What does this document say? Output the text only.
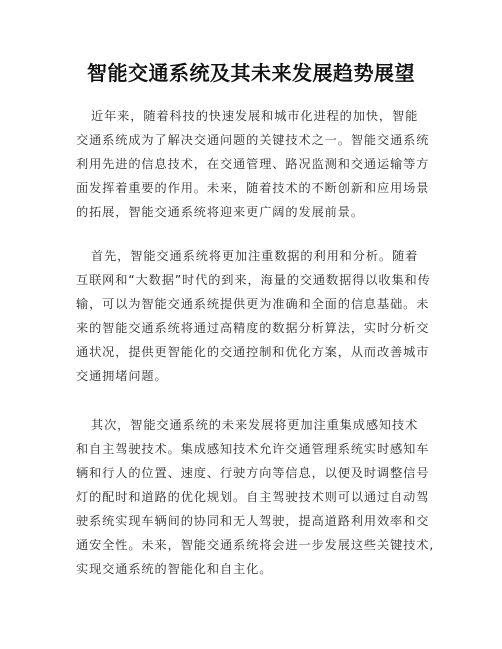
智能交通系统及其未来发展趋势展望

近年来，随着科技的快速发展和城市化进程的加快，智能
交通系统成为了解决交通问题的关键技术之一。智能交通系统
利用先进的信息技术，在交通管理、路况监测和交通运输等方
面发挥着重要的作用。未来，随着技术的不断创新和应用场景
的拓展，智能交通系统将迎来更广阔的发展前景。

首先，智能交通系统将更加注重数据的利用和分析。随着
互联网和“大数据”时代的到来，海量的交通数据得以收集和传
输，可以为智能交通系统提供更为准确和全面的信息基础。未
来的智能交通系统将通过高精度的数据分析算法，实时分析交
通状况，提供更智能化的交通控制和优化方案，从而改善城市
交通拥堵问题。

其次，智能交通系统的未来发展将更加注重集成感知技术
和自主驾驶技术。集成感知技术允许交通管理系统实时感知车
辆和行人的位置、速度、行驶方向等信息，以便及时调整信号
灯的配时和道路的优化规划。自主驾驶技术则可以通过自动驾
驶系统实现车辆间的协同和无人驾驶，提高道路利用效率和交
通安全性。未来，智能交通系统将会进一步发展这些关键技术,
实现交通系统的智能化和自主化。
